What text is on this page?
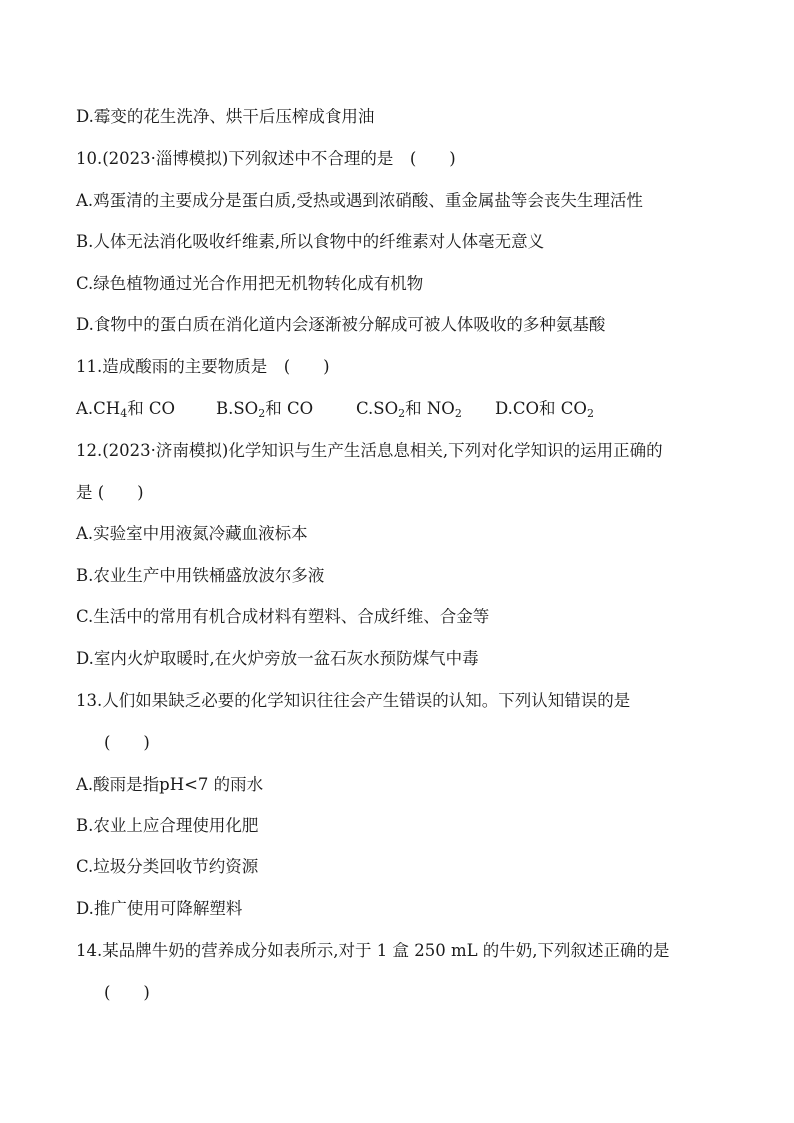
D.霉变的花生洗净、烘干后压榨成食用油
10.(2023·淄博模拟)下列叙述中不合理的是　(　　)
A.鸡蛋清的主要成分是蛋白质,受热或遇到浓硝酸、重金属盐等会丧失生理活性
B.人体无法消化吸收纤维素,所以食物中的纤维素对人体毫无意义
C.绿色植物通过光合作用把无机物转化成有机物
D.食物中的蛋白质在消化道内会逐渐被分解成可被人体吸收的多种氨基酸
11.造成酸雨的主要物质是　(　　)
$A.CH_4$和 CO $B.SO_2$和 CO	$C.SO_2$和 $NO_2$ D.CO和 $CO_2$
12.(2023·济南模拟)化学知识与生产生活息息相关,下列对化学知识的运用正确的
是 (　　)
A.实验室中用液氮冷藏血液标本
B.农业生产中用铁桶盛放波尔多液
C.生活中的常用有机合成材料有塑料、合成纤维、合金等
D.室内火炉取暖时,在火炉旁放一盆石灰水预防煤气中毒
13.人们如果缺乏必要的化学知识往往会产生错误的认知。下列认知错误的是
(　　)
A.酸雨是指pH<7 的雨水
B.农业上应合理使用化肥
C.垃圾分类回收节约资源
D.推广使用可降解塑料
14.某品牌牛奶的营养成分如表所示,对于 1 盒 250 mL 的牛奶,下列叙述正确的是
(　　)
